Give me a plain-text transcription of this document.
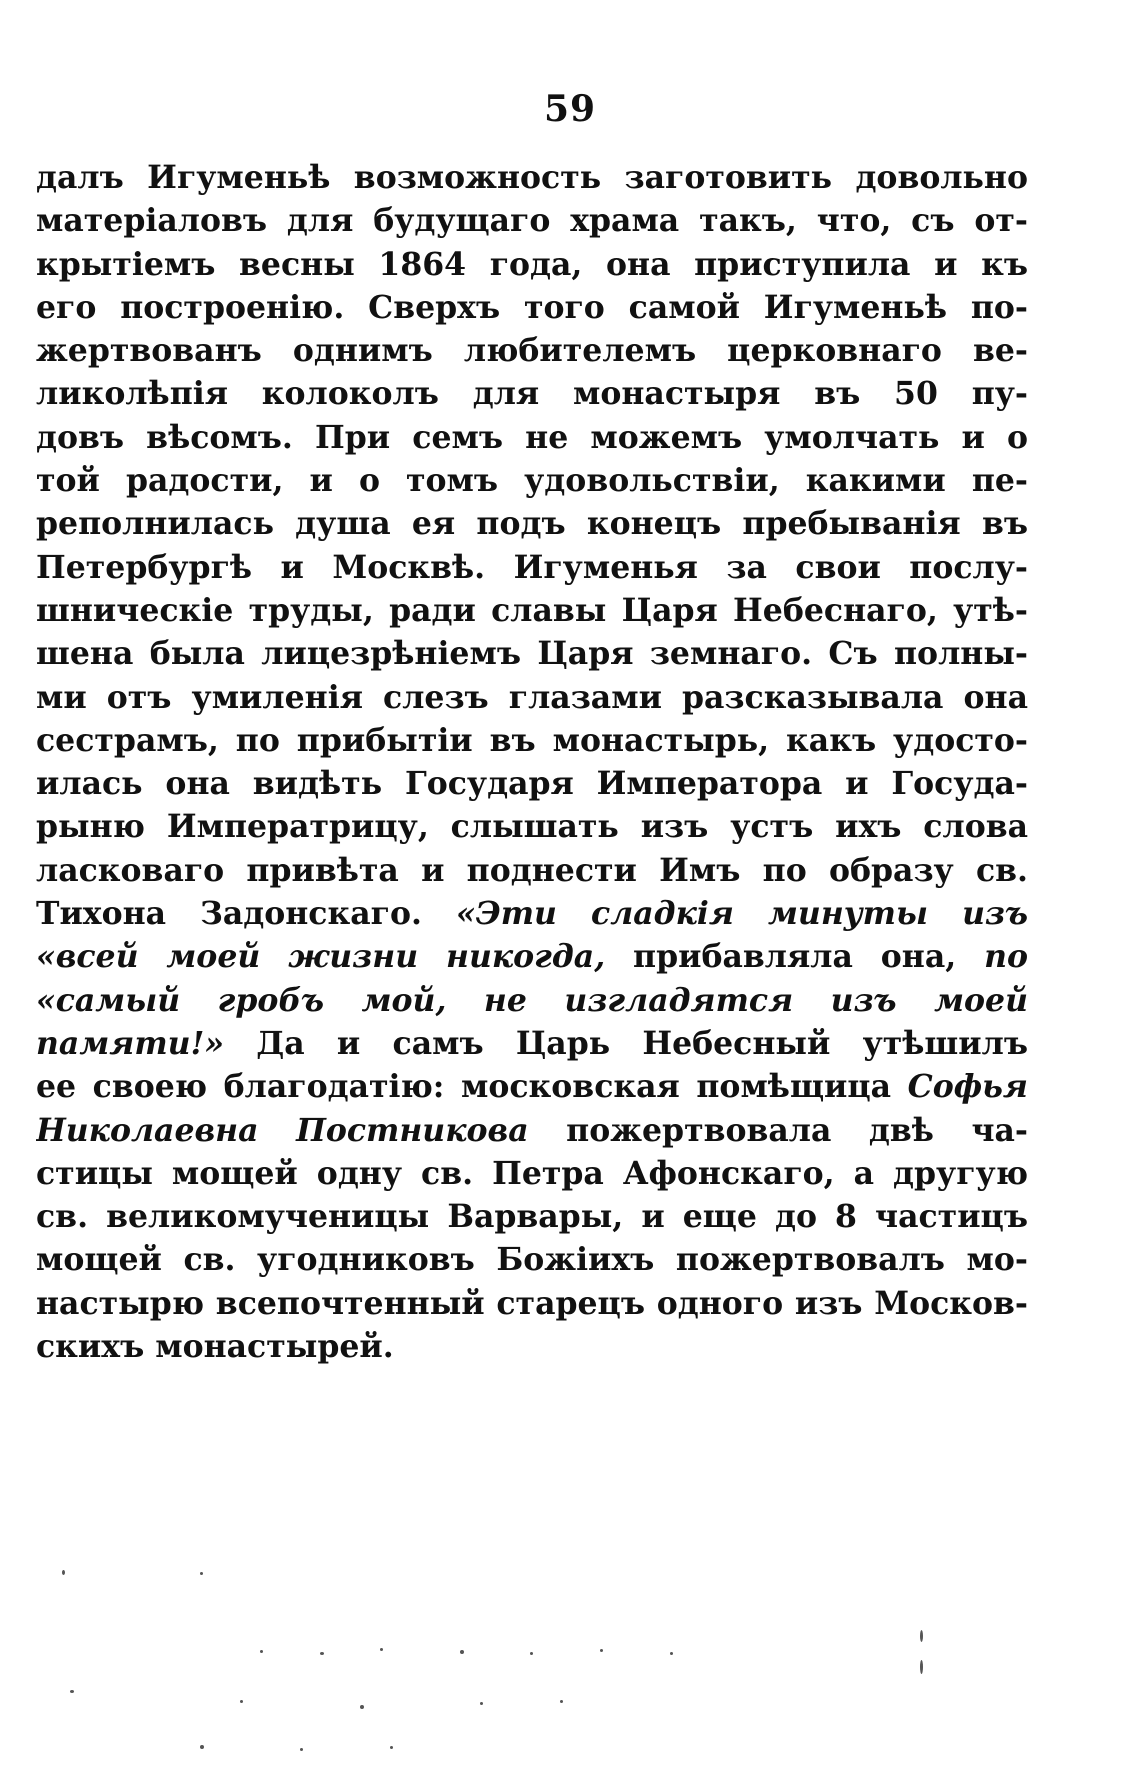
59
далъ Игуменьѣ возможность заготовить довольно
матеріаловъ для будущаго храма такъ, что, съ от-
крытіемъ весны 1864 года, она приступила и къ
его построенію. Сверхъ того самой Игуменьѣ по-
жертвованъ однимъ любителемъ церковнаго ве-
ликолѣпія колоколъ для монастыря въ 50 пу-
довъ вѣсомъ. При семъ не можемъ умолчать и о
той радости, и о томъ удовольствіи, какими пе-
реполнилась душа ея подъ конецъ пребыванія въ
Петербургѣ и Москвѣ. Игуменья за свои послу-
шническіе труды, ради славы Царя Небеснаго, утѣ-
шена была лицезрѣніемъ Царя земнаго. Съ полны-
ми отъ умиленія слезъ глазами разсказывала она
сестрамъ, по прибытіи въ монастырь, какъ удосто-
илась она видѣть Государя Императора и Госуда-
рыню Императрицу, слышать изъ устъ ихъ слова
ласковаго привѣта и поднести Имъ по образу св.
Тихона Задонскаго. «Эти сладкія минуты изъ
«всей моей жизни никогда, прибавляла она, по
«самый гробъ мой, не изгладятся изъ моей
памяти!» Да и самъ Царь Небесный утѣшилъ
ее своею благодатію: московская помѣщица Софья
Николаевна Постникова пожертвовала двѣ ча-
стицы мощей одну св. Петра Афонскаго, а другую
св. великомученицы Варвары, и еще до 8 частицъ
мощей св. угодниковъ Божіихъ пожертвовалъ мо-
настырю всепочтенный старецъ одного изъ Москов-
скихъ монастырей.
